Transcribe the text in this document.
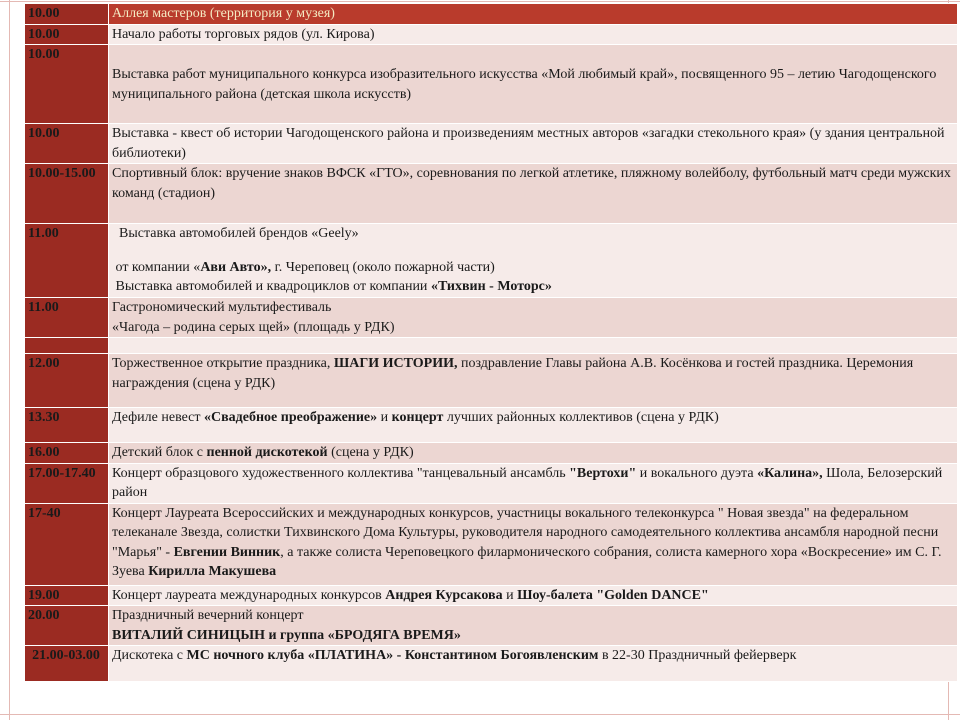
10.00	Аллея мастеров (территория у музея)
10.00	Начало работы торговых рядов (ул. Кирова)
10.00	Выставка работ муниципального конкурса изобразительного искусства «Мой любимый край», посвященного 95 – летию Чагодощенского муниципального района (детская школа искусств)
10.00	Выставка - квест об истории Чагодощенского района и произведениям местных авторов «загадки стекольного края» (у здания центральной библиотеки)
10.00-15.00	Спортивный блок: вручение знаков ВФСК «ГТО», соревнования по легкой атлетике, пляжному волейболу, футбольный матч среди мужских команд (стадион)
11.00	Выставка автомобилей брендов «Geely»
от компании «Ави Авто», г. Череповец (около пожарной части)
Выставка автомобилей и квадроциклов от компании «Тихвин - Моторс»

11.00	Гастрономический мультифестиваль
«Чагода – родина серых щей» (площадь у РДК)

12.00	Торжественное открытие праздника, ШАГИ ИСТОРИИ, поздравление Главы района А.В. Косёнкова и гостей праздника. Церемония награждения (сцена у РДК)
13.30	Дефиле невест «Свадебное преображение» и концерт лучших районных коллективов (сцена у РДК)
16.00	Детский блок с пенной дискотекой (сцена у РДК)
17.00-17.40	Концерт образцового художественного коллектива "танцевальный ансамбль "Вертохи" и вокального дуэта «Калина», Шола, Белозерский район
17-40	Концерт Лауреата Всероссийских и международных конкурсов, участницы вокального телеконкурса " Новая звезда" на федеральном телеканале Звезда, солистки Тихвинского Дома Культуры, руководителя народного самодеятельного коллектива ансамбля народной песни "Марья" - Евгении Винник, а также солиста Череповецкого филармонического собрания, солиста камерного хора «Воскресение» им С. Г. Зуева Кирилла Макушева
19.00	Концерт лауреата международных конкурсов Андрея Курсакова и Шоу-балета "Golden DANCE"
20.00	Праздничный вечерний концерт
ВИТАЛИЙ СИНИЦЫН и группа «БРОДЯГА ВРЕМЯ»

21.00-03.00	Дискотека с МС ночного клуба «ПЛАТИНА» - Константином Богоявленским в 22-30 Праздничный фейерверк
